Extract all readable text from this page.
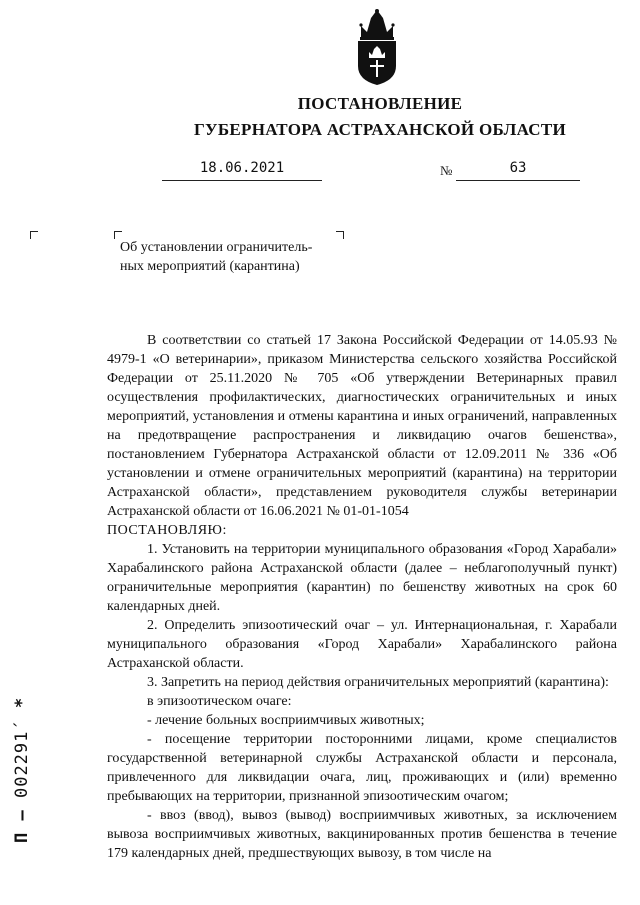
ПОСТАНОВЛЕНИЕ
ГУБЕРНАТОРА АСТРАХАНСКОЙ ОБЛАСТИ
18.06.2021	№	63
Об установлении ограничитель-
ных мероприятий (карантина)

В соответствии со статьей 17 Закона Российской Федерации от 14.05.93 № 4979-1 «О ветеринарии», приказом Министерства сельского хозяйства Российской Федерации от 25.11.2020 № 705 «Об утверждении Ветеринарных правил осуществления профилактических, диагностических ограничительных и иных мероприятий, установления и отмены карантина и иных ограничений, направленных на предотвращение распространения и ликвидацию очагов бешенства», постановлением Губернатора Астраханской области от 12.09.2011 № 336 «Об установлении и отмене ограничительных мероприятий (карантина) на территории Астраханской области», представлением руководителя службы ветеринарии Астраханской области от 16.06.2021 № 01-01-1054

ПОСТАНОВЛЯЮ:

1. Установить на территории муниципального образования «Город Харабали» Харабалинского района Астраханской области (далее – неблагополучный пункт) ограничительные мероприятия (карантин) по бешенству животных на срок 60 календарных дней.

2. Определить эпизоотический очаг – ул. Интернациональная, г. Харабали муниципального образования «Город Харабали» Харабалинского района Астраханской области.

3. Запретить на период действия ограничительных мероприятий (карантина):

в эпизоотическом очаге:

- лечение больных восприимчивых животных;

- посещение территории посторонними лицами, кроме специалистов государственной ветеринарной службы Астраханской области и персонала, привлеченного для ликвидации очага, лиц, проживающих и (или) временно пребывающих на территории, признанной эпизоотическим очагом;

- ввоз (ввод), вывоз (вывод) восприимчивых животных, за исключением вывоза восприимчивых животных, вакцинированных против бешенства в течение 179 календарных дней, предшествующих вывозу, в том числе на

П – 002291´ *
